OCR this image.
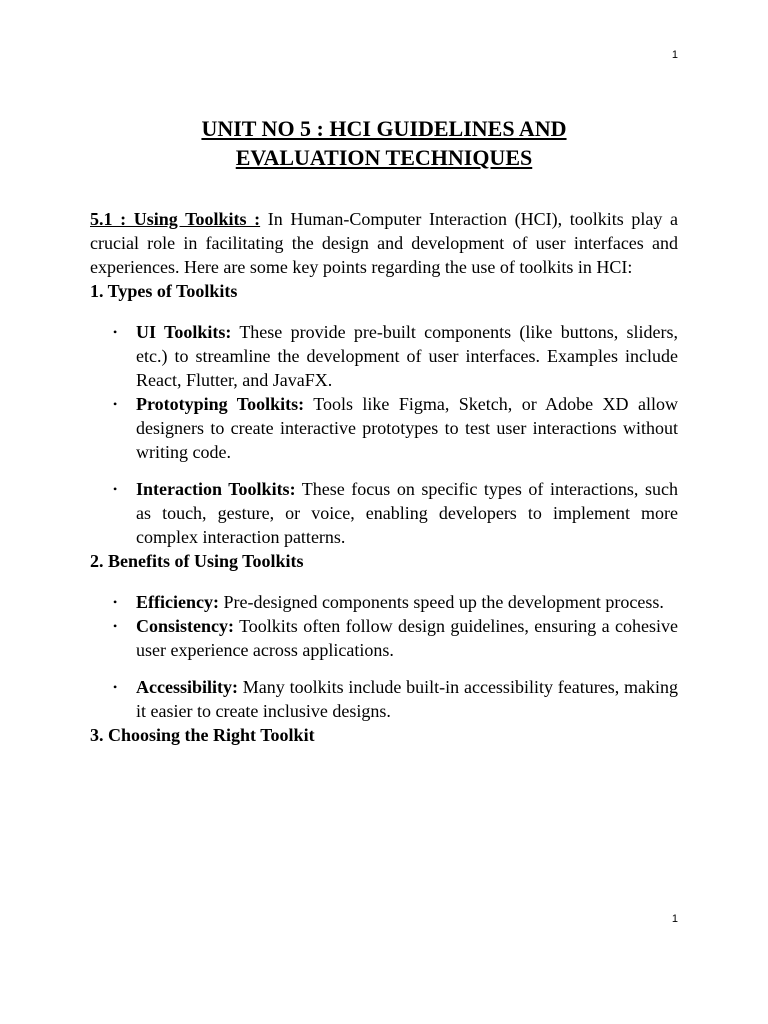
1
UNIT NO 5 : HCI GUIDELINES AND
EVALUATION TECHNIQUES

5.1 : Using Toolkits : In Human-Computer Interaction (HCI), toolkits play a crucial role in facilitating the design and development of user interfaces and experiences. Here are some key points regarding the use of toolkits in HCI:

1. Types of Toolkits

• UI Toolkits: These provide pre-built components (like buttons, sliders, etc.) to streamline the development of user interfaces. Examples include React, Flutter, and JavaFX.
• Prototyping Toolkits: Tools like Figma, Sketch, or Adobe XD allow designers to create interactive prototypes to test user interactions without writing code.
• Interaction Toolkits: These focus on specific types of interactions, such as touch, gesture, or voice, enabling developers to implement more complex interaction patterns.

2. Benefits of Using Toolkits

• Efficiency: Pre-designed components speed up the development process.
• Consistency: Toolkits often follow design guidelines, ensuring a cohesive user experience across applications.
• Accessibility: Many toolkits include built-in accessibility features, making it easier to create inclusive designs.

3. Choosing the Right Toolkit

1
